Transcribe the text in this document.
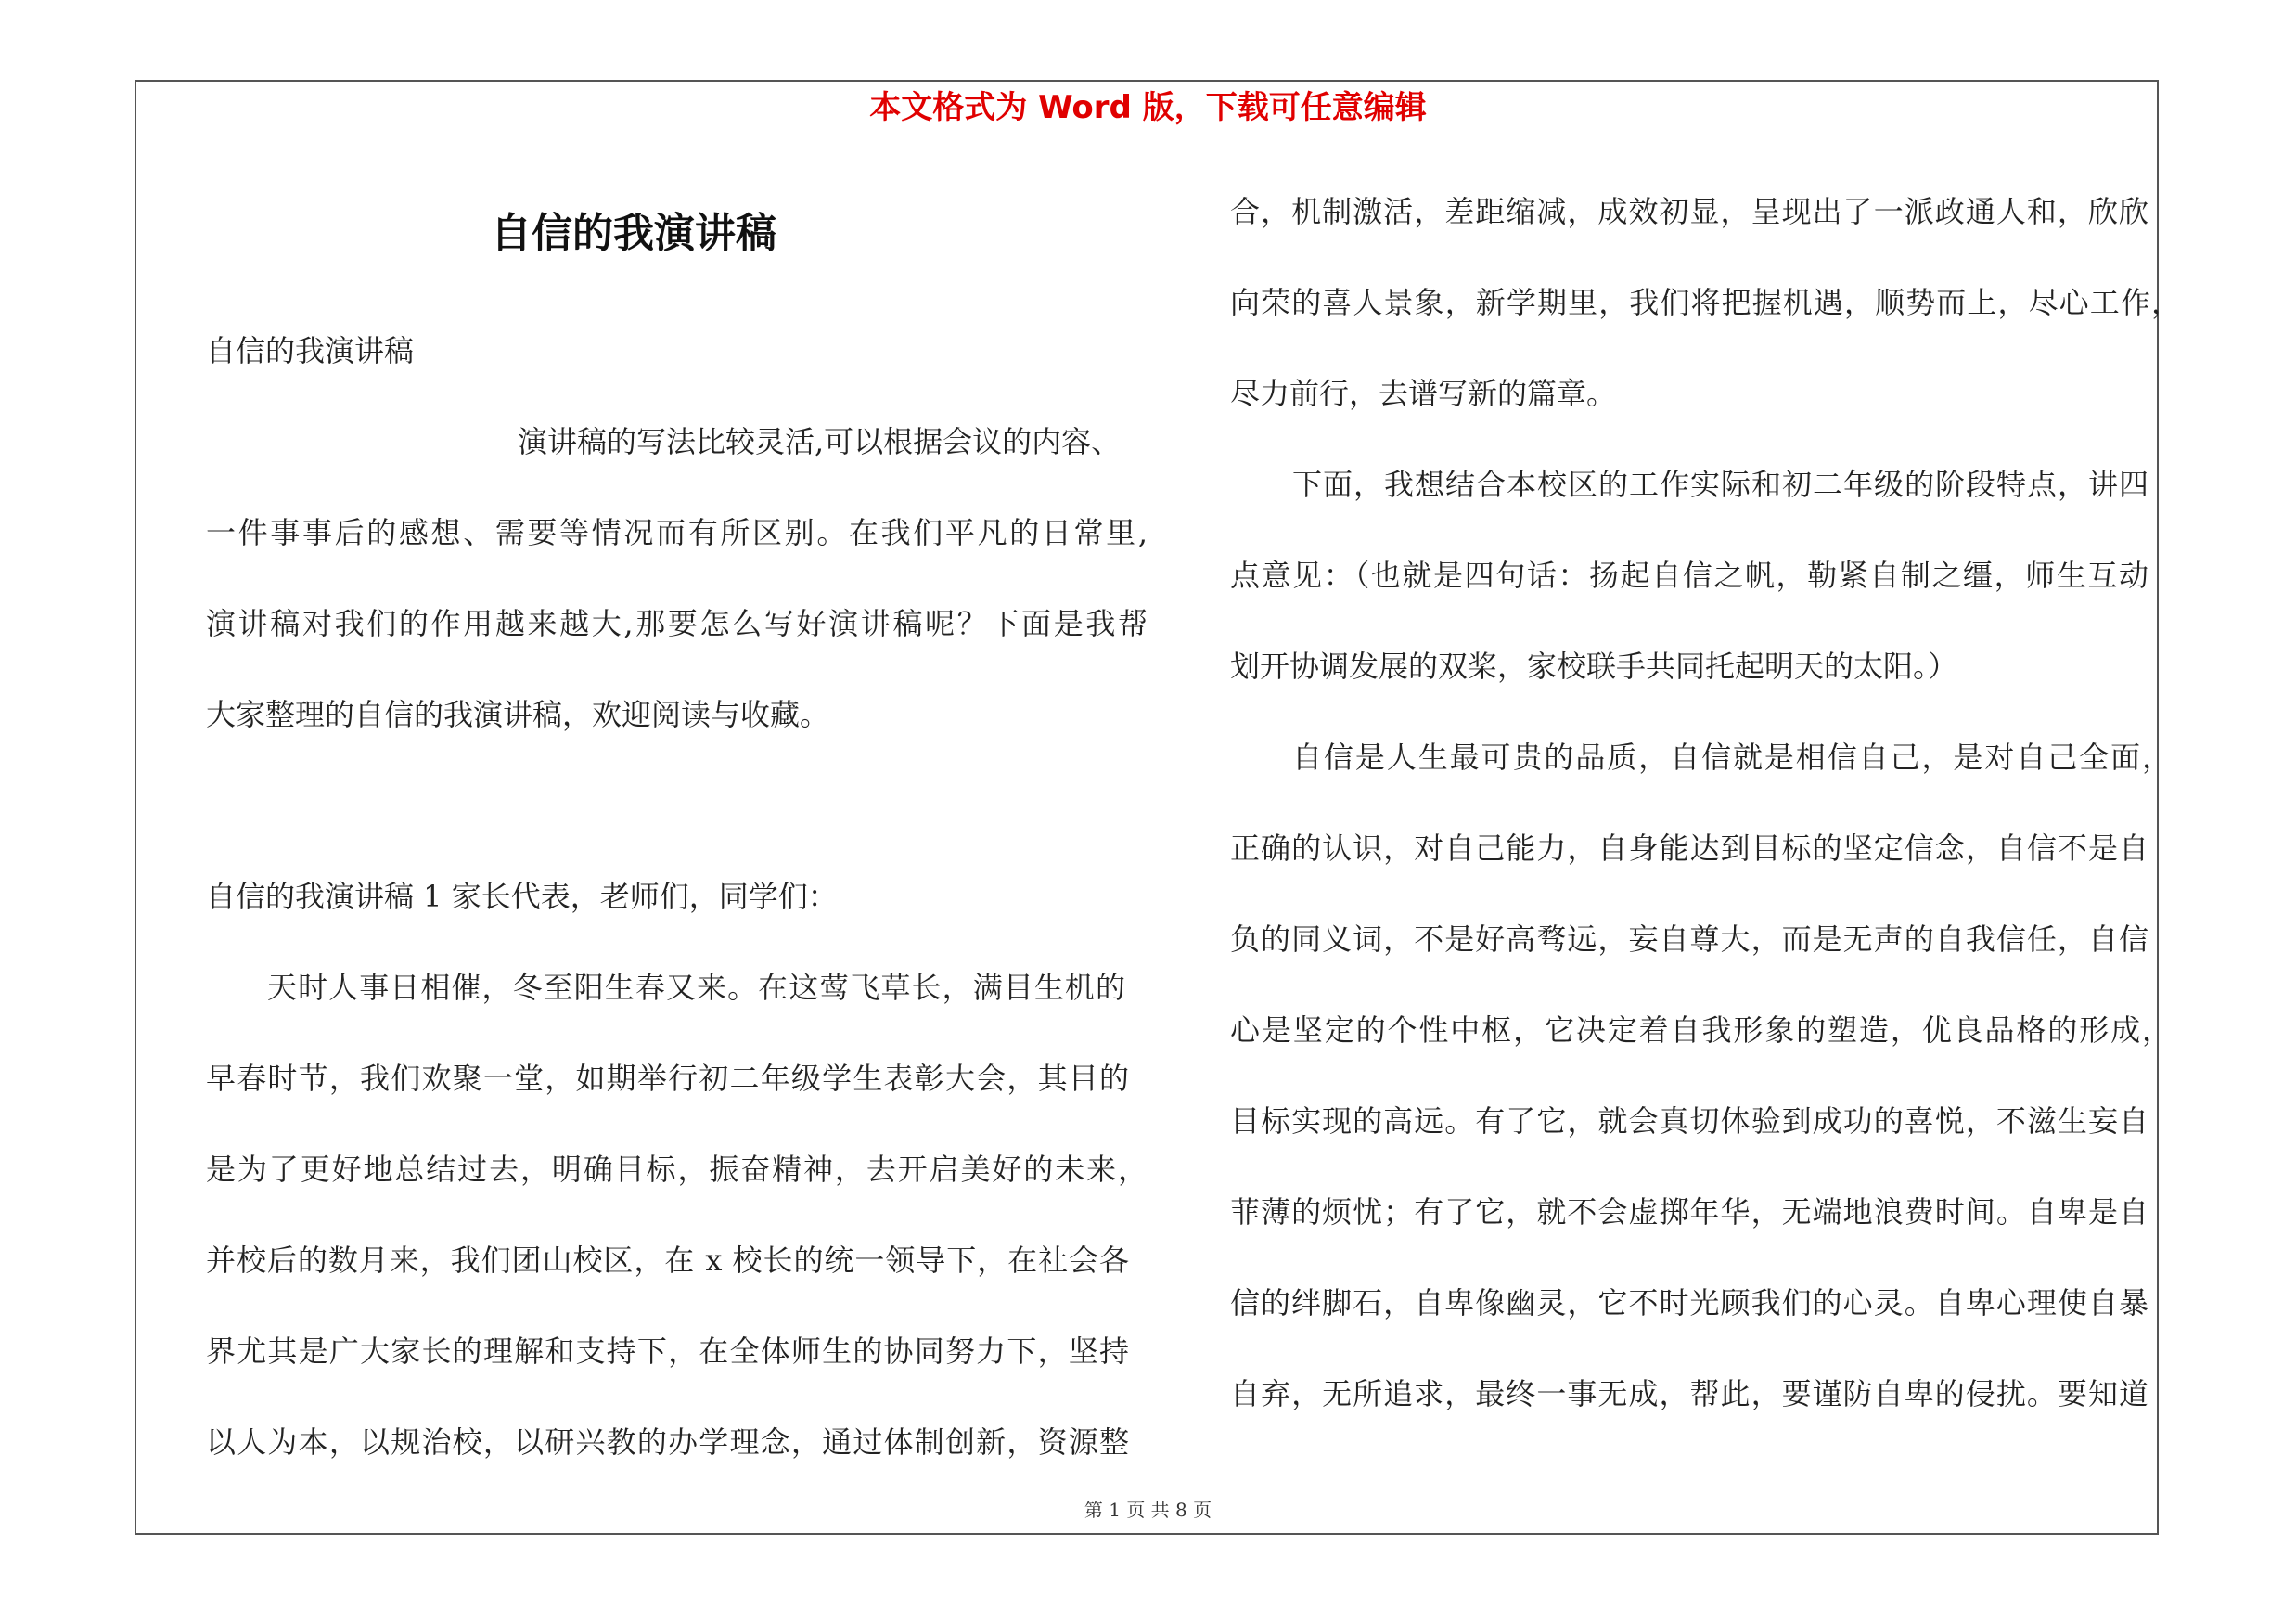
本文格式为 Word 版，下载可任意编辑
自信的我演讲稿
自信的我演讲稿
演讲稿的写法比较灵活,可以根据会议的内容、
一件事事后的感想、需要等情况而有所区别。在我们平凡的日常里,
演讲稿对我们的作用越来越大,那要怎么写好演讲稿呢？下面是我帮
大家整理的自信的我演讲稿，欢迎阅读与收藏。
自信的我演讲稿 1 家长代表，老师们，同学们：
天时人事日相催，冬至阳生春又来。在这莺飞草长，满目生机的
早春时节，我们欢聚一堂，如期举行初二年级学生表彰大会，其目的
是为了更好地总结过去，明确目标，振奋精神，去开启美好的未来，
并校后的数月来，我们团山校区，在 x 校长的统一领导下，在社会各
界尤其是广大家长的理解和支持下，在全体师生的协同努力下，坚持
以人为本，以规治校，以研兴教的办学理念，通过体制创新，资源整
合，机制激活，差距缩减，成效初显，呈现出了一派政通人和，欣欣
向荣的喜人景象，新学期里，我们将把握机遇，顺势而上，尽心工作，
尽力前行，去谱写新的篇章。
下面，我想结合本校区的工作实际和初二年级的阶段特点，讲四
点意见：（也就是四句话：扬起自信之帆，勒紧自制之缰，师生互动
划开协调发展的双桨，家校联手共同托起明天的太阳。）
自信是人生最可贵的品质，自信就是相信自己，是对自己全面，
正确的认识，对自己能力，自身能达到目标的坚定信念，自信不是自
负的同义词，不是好高骛远，妄自尊大，而是无声的自我信任，自信
心是坚定的个性中枢，它决定着自我形象的塑造，优良品格的形成，
目标实现的高远。有了它，就会真切体验到成功的喜悦，不滋生妄自
菲薄的烦忧；有了它，就不会虚掷年华，无端地浪费时间。自卑是自
信的绊脚石，自卑像幽灵，它不时光顾我们的心灵。自卑心理使自暴
自弃，无所追求，最终一事无成，帮此，要谨防自卑的侵扰。要知道
第 1 页 共 8 页
